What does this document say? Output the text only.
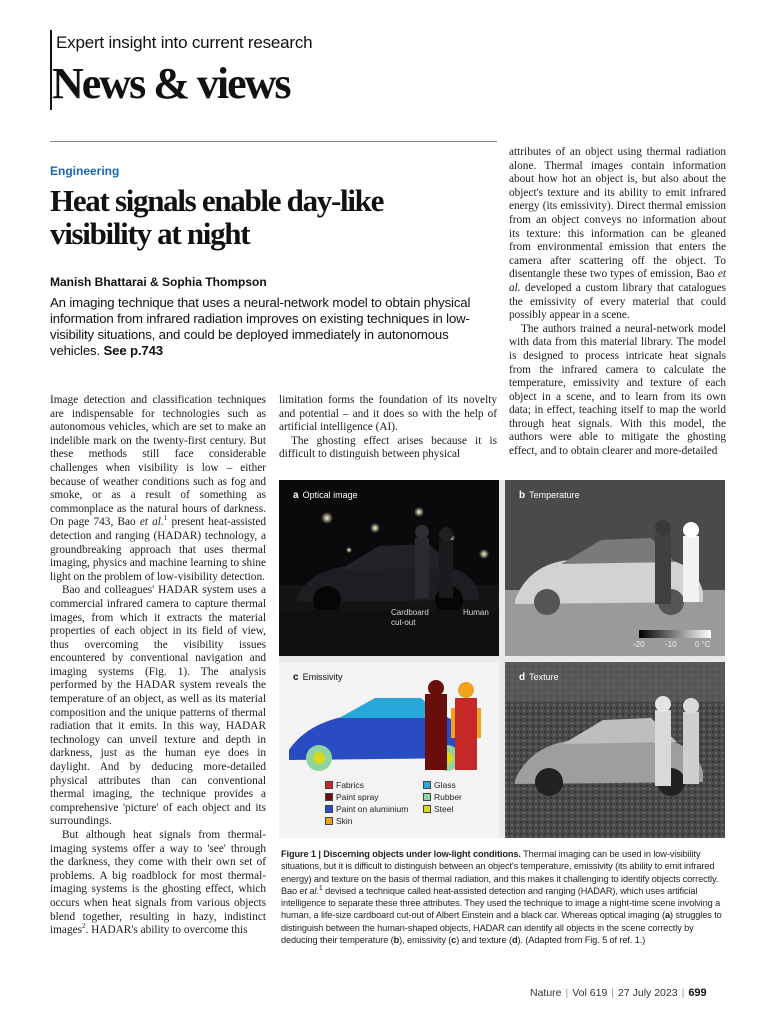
Expert insight into current research
News & views
Engineering
Heat signals enable day-like visibility at night
Manish Bhattarai & Sophia Thompson
An imaging technique that uses a neural-network model to obtain physical information from infrared radiation improves on existing techniques in low-visibility situations, and could be deployed immediately in autonomous vehicles. See p.743

Image detection and classification techniques are indispensable for technologies such as autonomous vehicles, which are set to make an indelible mark on the twenty-first century. But these methods still face considerable challenges when visibility is low – either because of weather conditions such as fog and smoke, or as a result of something as commonplace as the natural hours of darkness. On page 743, Bao et al.$^1$ present heat-assisted detection and ranging (HADAR) technology, a groundbreaking approach that uses thermal imaging, physics and machine learning to shine light on the problem of low-visibility detection.

Bao and colleagues' HADAR system uses a commercial infrared camera to capture thermal images, from which it extracts the material properties of each object in its field of view, thus overcoming the visibility issues encountered by conventional navigation and imaging systems (Fig. 1). The analysis performed by the HADAR system reveals the temperature of an object, as well as its material composition and the unique patterns of thermal radiation that it emits. In this way, HADAR technology can unveil texture and depth in darkness, just as the human eye does in daylight. And by deducing more-detailed physical attributes than can conventional thermal imaging, the technique provides a comprehensive 'picture' of each object and its surroundings.

But although heat signals from thermal-imaging systems offer a way to 'see' through the darkness, they come with their own set of problems. A big roadblock for most thermal-imaging systems is the ghosting effect, which occurs when heat signals from various objects blend together, resulting in hazy, indistinct images$^2$. HADAR's ability to overcome this

limitation forms the foundation of its novelty and potential – and it does so with the help of artificial intelligence (AI).

The ghosting effect arises because it is difficult to distinguish between physical

attributes of an object using thermal radiation alone. Thermal images contain information about how hot an object is, but also about the object's texture and its ability to emit infrared energy (its emissivity). Direct thermal emission from an object conveys no information about its texture: this information can be gleaned from environmental emission that enters the camera after scattering off the object. To disentangle these two types of emission, Bao et al. developed a custom library that catalogues the emissivity of every material that could possibly appear in a scene.

The authors trained a neural-network model with data from this material library. The model is designed to process intricate heat signals from the infrared camera to calculate the temperature, emissivity and texture of each object in a scene, and to learn from its own data; in effect, teaching itself to map the world through heat signals. With this model, the authors were able to mitigate the ghosting effect, and to obtain clearer and more-detailed

a Optical image
Cardboard cut-out
Human
b Temperature
-20	-10 0 °C
c Emissivity
Fabrics
Paint spray
Paint on aluminium
Skin
Glass
Rubber
Steel
d Texture
Figure 1 | Discerning objects under low-light conditions. Thermal imaging can be used in low-visibility situations, but it is difficult to distinguish between an object's temperature, emissivity (its ability to emit infrared energy) and texture on the basis of thermal radiation, and this makes it challenging to identify objects correctly. Bao et al.$^1$ devised a technique called heat-assisted detection and ranging (HADAR), which uses artificial intelligence to separate these three attributes. They used the technique to image a night-time scene involving a human, a life-size cardboard cut-out of Albert Einstein and a black car. Whereas optical imaging (a) struggles to distinguish between the human-shaped objects, HADAR can identify all objects in the scene correctly by deducing their temperature (b), emissivity (c) and texture (d). (Adapted from Fig. 5 of ref. 1.)
Nature | Vol 619 | 27 July 2023 | 699
